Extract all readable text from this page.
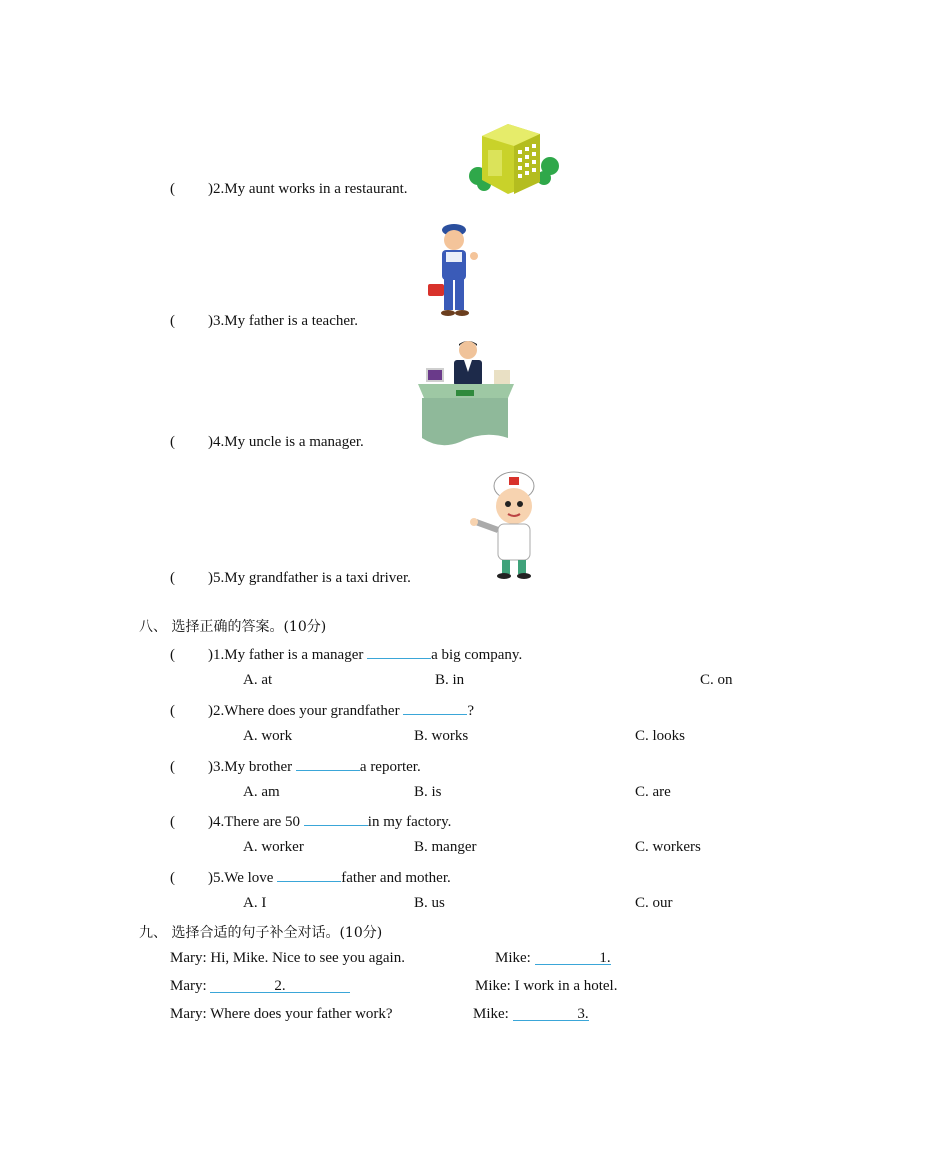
( )2.My aunt works in a restaurant.
( )3.My father is a teacher.
( )4.My uncle is a manager.
( )5.My grandfather is a taxi driver.
八、 选择正确的答案。(10分)
( )1.My father is a manager	a big company.
A. at	B. in	C. on
( )2.Where does your grandfather	?
A. work	B. works	C. looks
( )3.My brother	a reporter.
A. am	B. is	C. are
( )4.There are 50	in my factory.
A. worker	B. manger	C. workers
( )5.We love	father and mother.
A. I	B. us	C. our
九、 选择合适的句子补全对话。(10分)
Mary: Hi, Mike. Nice to see you again.	Mike:	1.
Mary:	2.	Mike: I work in a hotel.
Mary: Where does your father work?	Mike:	3.
